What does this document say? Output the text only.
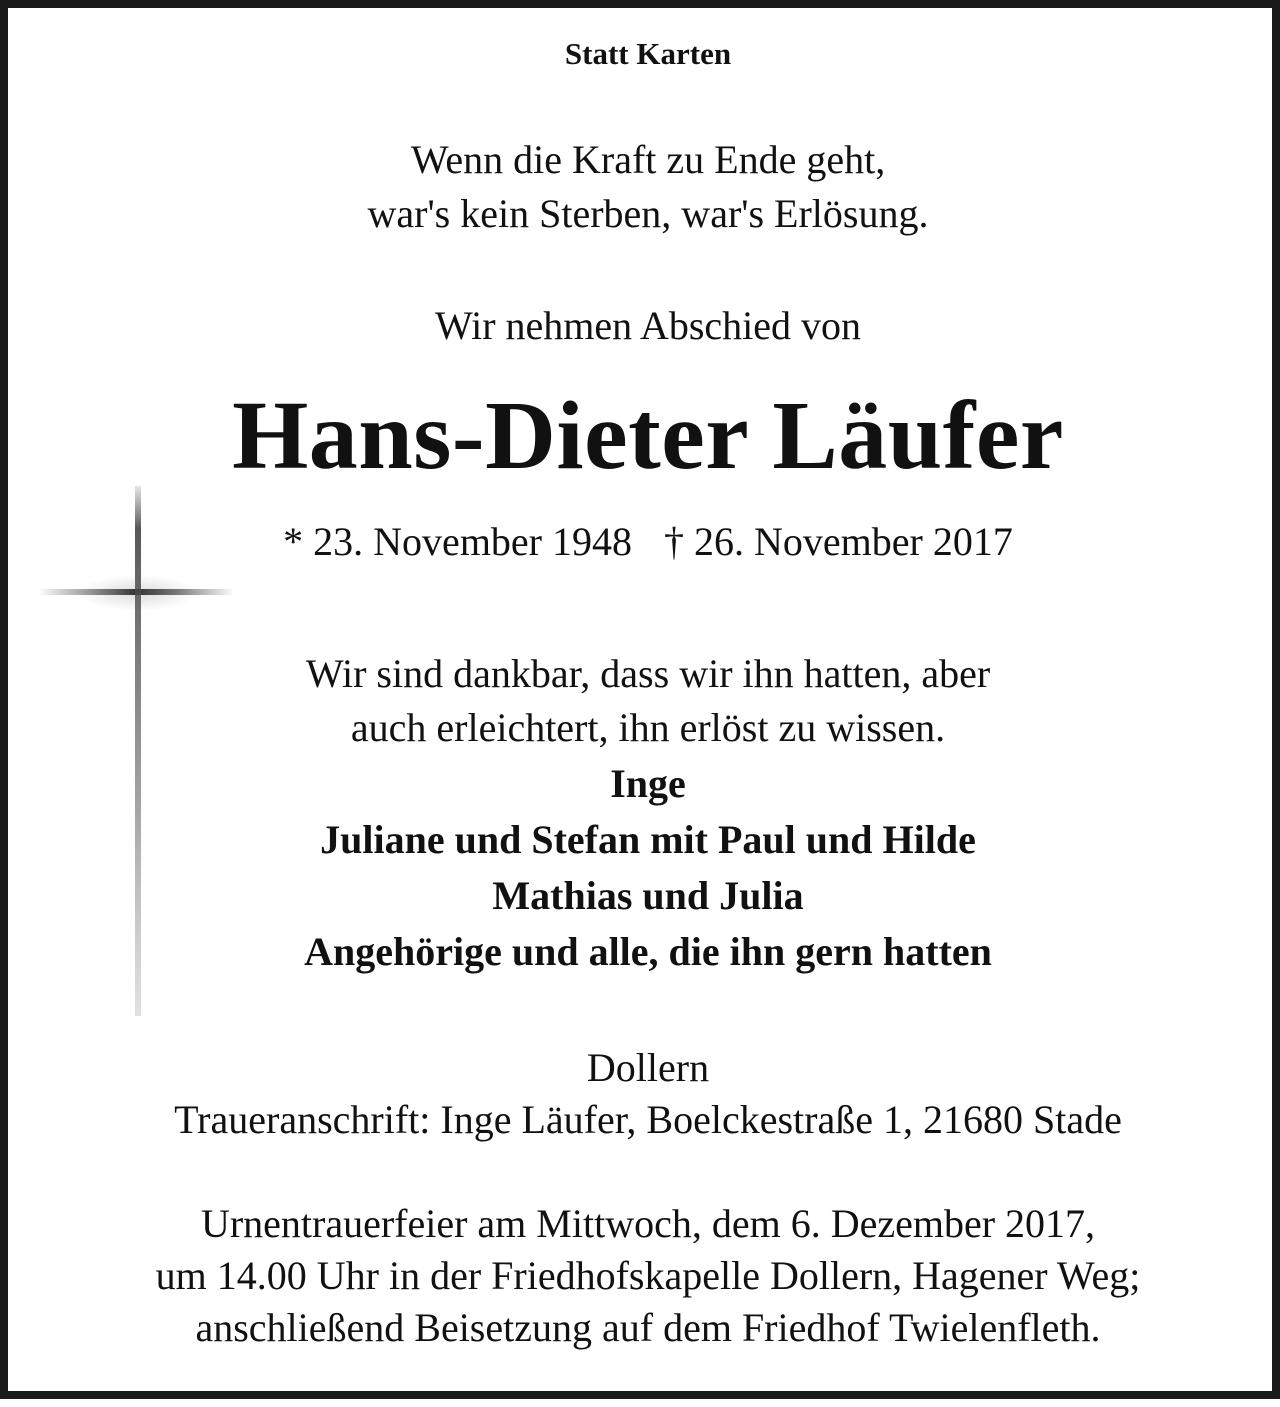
Statt Karten
Wenn die Kraft zu Ende geht,
war's kein Sterben, war's Erlösung.
Wir nehmen Abschied von
Hans-Dieter Läufer
* 23. November 1948 † 26. November 2017
Wir sind dankbar, dass wir ihn hatten, aber
auch erleichtert, ihn erlöst zu wissen.
Inge
Juliane und Stefan mit Paul und Hilde
Mathias und Julia
Angehörige und alle, die ihn gern hatten
Dollern
Traueranschrift: Inge Läufer, Boelckestraße 1, 21680 Stade
Urnentrauerfeier am Mittwoch, dem 6. Dezember 2017,
um 14.00 Uhr in der Friedhofskapelle Dollern, Hagener Weg;
anschließend Beisetzung auf dem Friedhof Twielenfleth.
